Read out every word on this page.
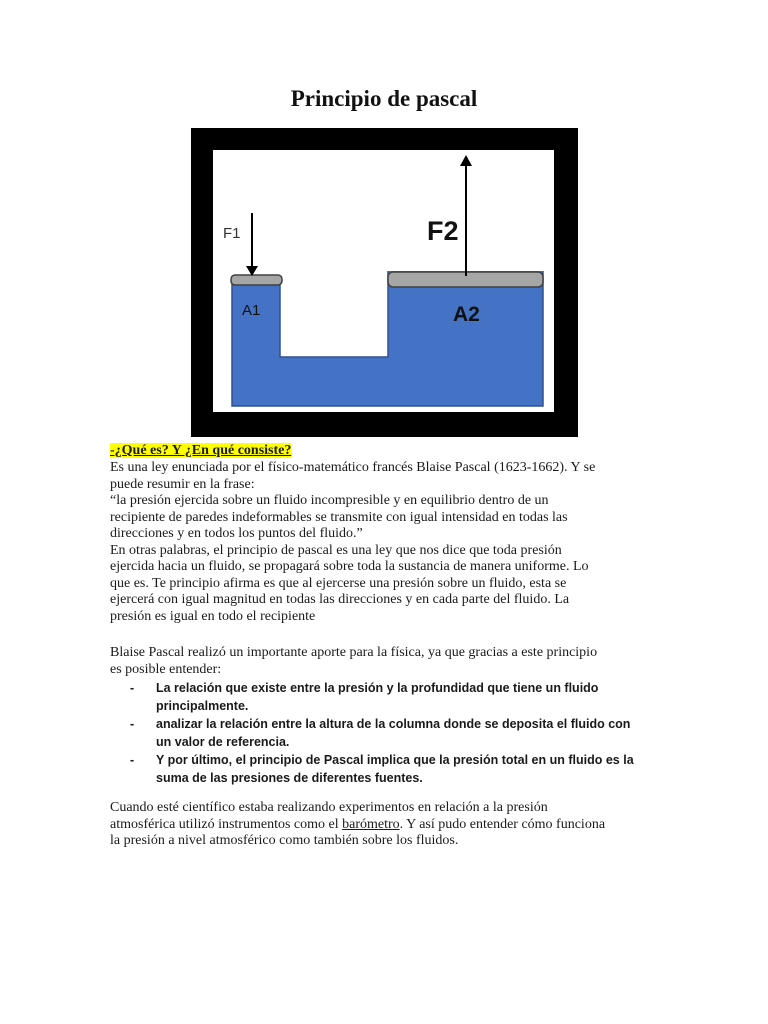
Principio de pascal
F1	F2
A1	A2
-¿Qué es? Y ¿En qué consiste?
Es una ley enunciada por el físico-matemático francés Blaise Pascal (1623-1662). Y se
puede resumir en la frase:
“la presión ejercida sobre un fluido incompresible y en equilibrio dentro de un
recipiente de paredes indeformables se transmite con igual intensidad en todas las
direcciones y en todos los puntos del fluido.”
En otras palabras, el principio de pascal es una ley que nos dice que toda presión
ejercida hacia un fluido, se propagará sobre toda la sustancia de manera uniforme. Lo
que es. Te principio afirma es que al ejercerse una presión sobre un fluido, esta se
ejercerá con igual magnitud en todas las direcciones y en cada parte del fluido. La
presión es igual en todo el recipiente
Blaise Pascal realizó un importante aporte para la física, ya que gracias a este principio
es posible entender:
- La relación que existe entre la presión y la profundidad que tiene un fluido
principalmente.
- analizar la relación entre la altura de la columna donde se deposita el fluido con
un valor de referencia.
- Y por último, el principio de Pascal implica que la presión total en un fluido es la
suma de las presiones de diferentes fuentes.
Cuando esté científico estaba realizando experimentos en relación a la presión
atmosférica utilizó instrumentos como el barómetro. Y así pudo entender cómo funciona
la presión a nivel atmosférico como también sobre los fluidos.
